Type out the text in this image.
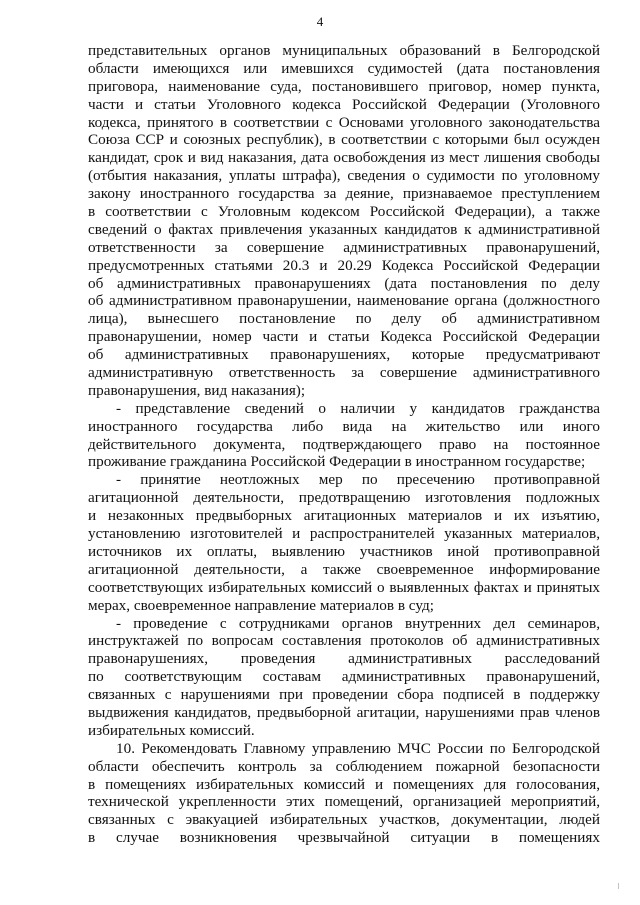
4
представительных органов муниципальных образований в Белгородской
области имеющихся или имевшихся судимостей (дата постановления
приговора, наименование суда, постановившего приговор, номер пункта,
части и статьи Уголовного кодекса Российской Федерации (Уголовного
кодекса, принятого в соответствии с Основами уголовного законодательства
Союза ССР и союзных республик), в соответствии с которыми был осужден
кандидат, срок и вид наказания, дата освобождения из мест лишения свободы
(отбытия наказания, уплаты штрафа), сведения о судимости по уголовному
закону иностранного государства за деяние, признаваемое преступлением
в соответствии с Уголовным кодексом Российской Федерации), а также
сведений о фактах привлечения указанных кандидатов к административной
ответственности за совершение административных правонарушений,
предусмотренных статьями 20.3 и 20.29 Кодекса Российской Федерации
об административных правонарушениях (дата постановления по делу
об административном правонарушении, наименование органа (должностного
лица), вынесшего постановление по делу об административном
правонарушении, номер части и статьи Кодекса Российской Федерации
об административных правонарушениях, которые предусматривают
административную ответственность за совершение административного
правонарушения, вид наказания);
- представление сведений о наличии у кандидатов гражданства
иностранного государства либо вида на жительство или иного
действительного документа, подтверждающего право на постоянное
проживание гражданина Российской Федерации в иностранном государстве;
- принятие неотложных мер по пресечению противоправной
агитационной деятельности, предотвращению изготовления подложных
и незаконных предвыборных агитационных материалов и их изъятию,
установлению изготовителей и распространителей указанных материалов,
источников их оплаты, выявлению участников иной противоправной
агитационной деятельности, а также своевременное информирование
соответствующих избирательных комиссий о выявленных фактах и принятых
мерах, своевременное направление материалов в суд;
- проведение с сотрудниками органов внутренних дел семинаров,
инструктажей по вопросам составления протоколов об административных
правонарушениях, проведения административных расследований
по соответствующим составам административных правонарушений,
связанных с нарушениями при проведении сбора подписей в поддержку
выдвижения кандидатов, предвыборной агитации, нарушениями прав членов
избирательных комиссий.
10. Рекомендовать Главному управлению МЧС России по Белгородской
области обеспечить контроль за соблюдением пожарной безопасности
в помещениях избирательных комиссий и помещениях для голосования,
технической укрепленности этих помещений, организацией мероприятий,
связанных с эвакуацией избирательных участков, документации, людей
в случае возникновения чрезвычайной ситуации в помещениях
